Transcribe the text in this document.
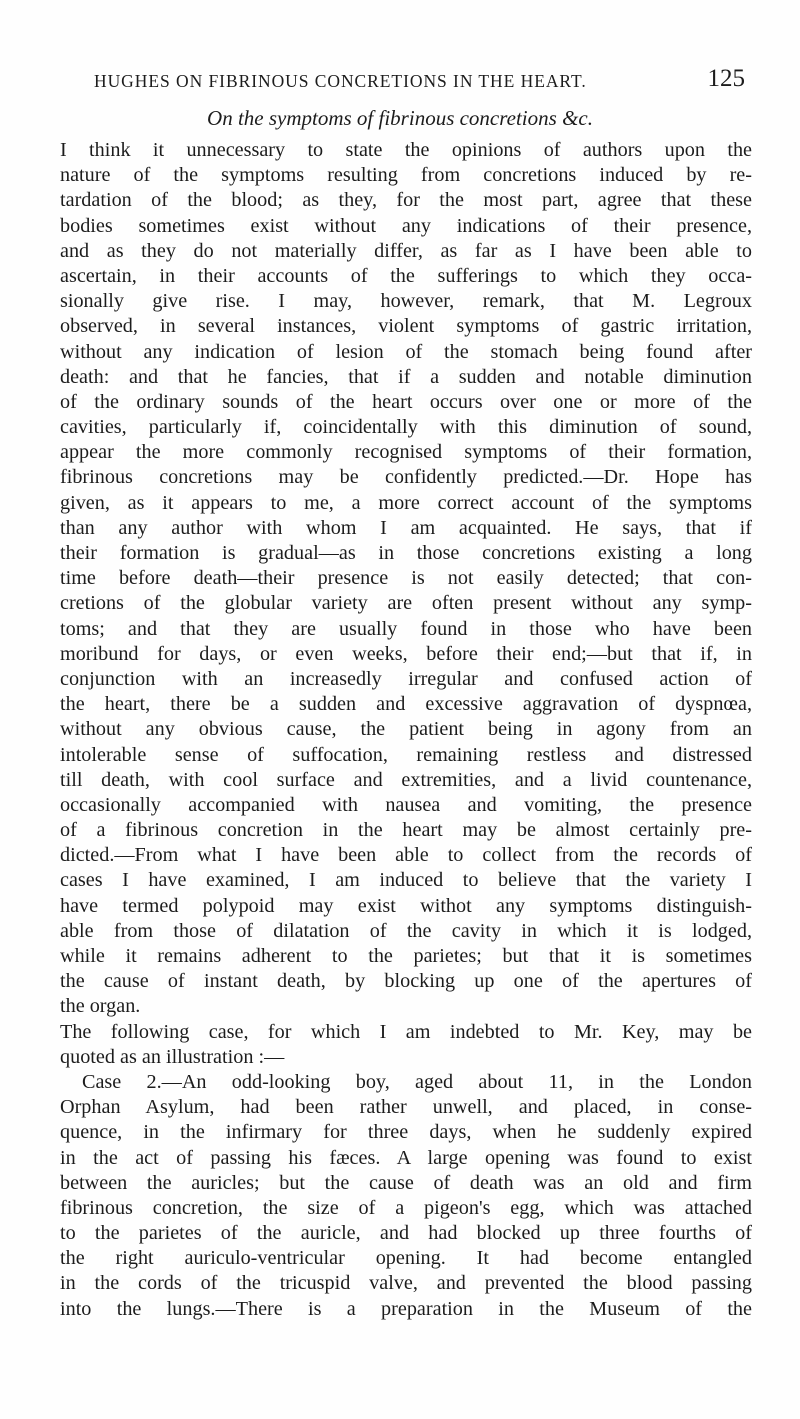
HUGHES ON FIBRINOUS CONCRETIONS IN THE HEART.	125
On the symptoms of fibrinous concretions &c.
I think it unnecessary to state the opinions of authors upon the
nature of the symptoms resulting from concretions induced by re-
tardation of the blood; as they, for the most part, agree that these
bodies sometimes exist without any indications of their presence,
and as they do not materially differ, as far as I have been able to
ascertain, in their accounts of the sufferings to which they occa-
sionally give rise. I may, however, remark, that M. Legroux
observed, in several instances, violent symptoms of gastric irritation,
without any indication of lesion of the stomach being found after
death: and that he fancies, that if a sudden and notable diminution
of the ordinary sounds of the heart occurs over one or more of the
cavities, particularly if, coincidentally with this diminution of sound,
appear the more commonly recognised symptoms of their formation,
fibrinous concretions may be confidently predicted.—Dr. Hope has
given, as it appears to me, a more correct account of the symptoms
than any author with whom I am acquainted. He says, that if
their formation is gradual—as in those concretions existing a long
time before death—their presence is not easily detected; that con-
cretions of the globular variety are often present without any symp-
toms; and that they are usually found in those who have been
moribund for days, or even weeks, before their end;—but that if, in
conjunction with an increasedly irregular and confused action of
the heart, there be a sudden and excessive aggravation of dyspnœa,
without any obvious cause, the patient being in agony from an
intolerable sense of suffocation, remaining restless and distressed
till death, with cool surface and extremities, and a livid countenance,
occasionally accompanied with nausea and vomiting, the presence
of a fibrinous concretion in the heart may be almost certainly pre-
dicted.—From what I have been able to collect from the records of
cases I have examined, I am induced to believe that the variety I
have termed polypoid may exist withot any symptoms distinguish-
able from those of dilatation of the cavity in which it is lodged,
while it remains adherent to the parietes; but that it is sometimes
the cause of instant death, by blocking up one of the apertures of
the organ.
The following case, for which I am indebted to Mr. Key, may be
quoted as an illustration :—
Case 2.—An odd-looking boy, aged about 11, in the London
Orphan Asylum, had been rather unwell, and placed, in conse-
quence, in the infirmary for three days, when he suddenly expired
in the act of passing his fæces. A large opening was found to exist
between the auricles; but the cause of death was an old and firm
fibrinous concretion, the size of a pigeon's egg, which was attached
to the parietes of the auricle, and had blocked up three fourths of
the right auriculo-ventricular opening. It had become entangled
in the cords of the tricuspid valve, and prevented the blood passing
into the lungs.—There is a preparation in the Museum of the
